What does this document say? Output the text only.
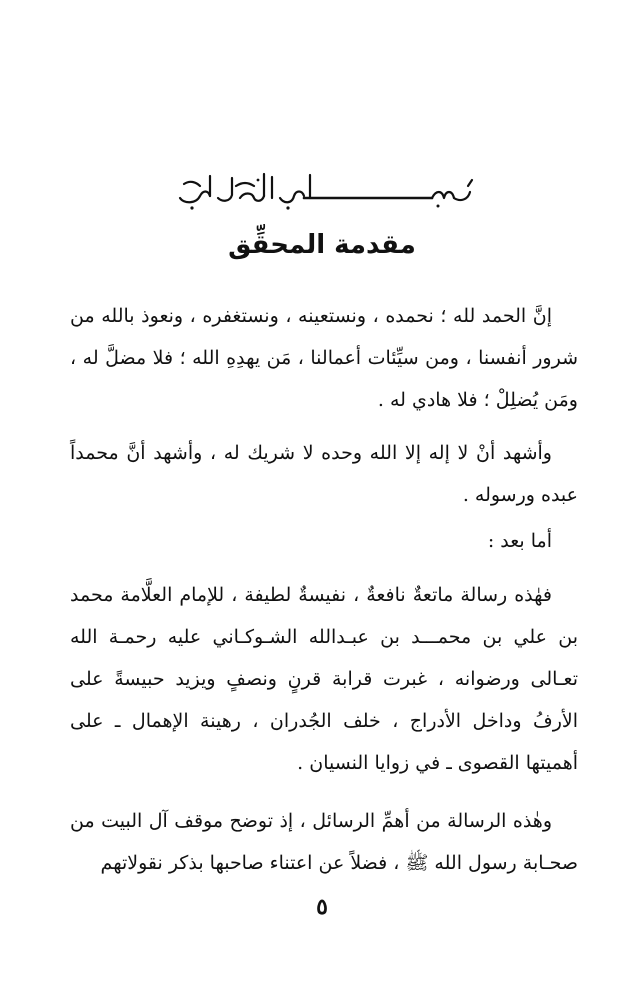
بسم الله الرحمن الرحيم
مقدمة المحقِّق

إنَّ الحمد لله ؛ نحمده ، ونستعينه ، ونستغفره ، ونعوذ بالله من شرور أنفسنا ، ومن سيِّئات أعمالنا ، مَن يهدِهِ الله ؛ فلا مضلَّ له ، ومَن يُضلِلْ ؛ فلا هادي له .

وأشهد أنْ لا إله إلا الله وحده لا شريك له ، وأشهد أنَّ محمداً عبده ورسوله .

أما بعد :

فهٰذه رسالة ماتعةٌ نافعةٌ ، نفيسةٌ لطيفة ، للإمام العلَّامة محمد بن علي بن محمـــد بن عبـدالله الشـوكـاني عليه رحمـة الله تعـالى ورضوانه ، غبرت قرابة قرنٍ ونصفٍ ويزيد حبيسةً على الأرفُ وداخل الأدراج ، خلف الجُدران ، رهينة الإهمال ـ على أهميتها القصوى ـ في زوايا النسيان .

وهٰذه الرسالة من أهمِّ الرسائل ، إذ توضح موقف آل البيت من صحـابة رسول الله ﷺ ، فضلاً عن اعتناء صاحبها بذكر نقولاتهم

٥
